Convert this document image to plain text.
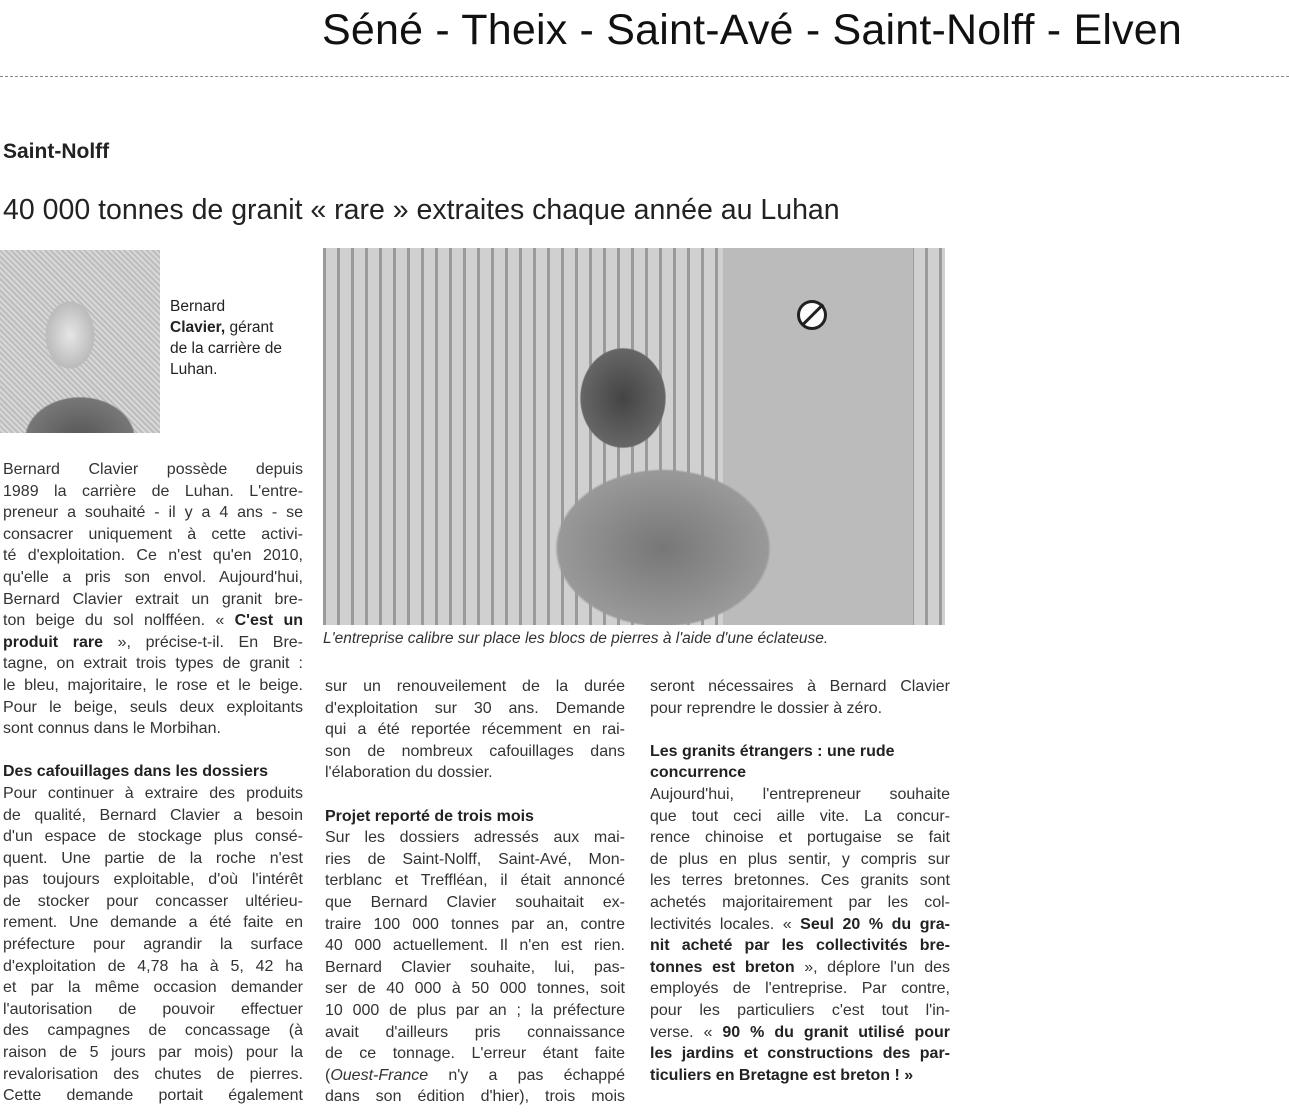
Séné - Theix - Saint-Avé - Saint-Nolff - Elven
Saint-Nolff
40 000 tonnes de granit « rare » extraites chaque année au Luhan
Bernard
Clavier, gérant
de la carrière de
Luhan.
L'entreprise calibre sur place les blocs de pierres à l'aide d'une éclateuse.
Bernard Clavier possède depuis
1989 la carrière de Luhan. L'entre-
preneur a souhaité - il y a 4 ans - se
consacrer uniquement à cette activi-
té d'exploitation. Ce n'est qu'en 2010,
qu'elle a pris son envol. Aujourd'hui,
Bernard Clavier extrait un granit bre-
ton beige du sol nolfféen. « C'est un
produit rare », précise-t-il. En Bre-
tagne, on extrait trois types de granit :
le bleu, majoritaire, le rose et le beige.
Pour le beige, seuls deux exploitants
sont connus dans le Morbihan.
Des cafouillages dans les dossiers
Pour continuer à extraire des produits
de qualité, Bernard Clavier a besoin
d'un espace de stockage plus consé-
quent. Une partie de la roche n'est
pas toujours exploitable, d'où l'intérêt
de stocker pour concasser ultérieu-
rement. Une demande a été faite en
préfecture pour agrandir la surface
d'exploitation de 4,78 ha à 5, 42 ha
et par la même occasion demander
l'autorisation de pouvoir effectuer
des campagnes de concassage (à
raison de 5 jours par mois) pour la
revalorisation des chutes de pierres.
Cette demande portait également
sur un renouveilement de la durée
d'exploitation sur 30 ans. Demande
qui a été reportée récemment en rai-
son de nombreux cafouillages dans
l'élaboration du dossier.
Projet reporté de trois mois
Sur les dossiers adressés aux mai-
ries de Saint-Nolff, Saint-Avé, Mon-
terblanc et Treffléan, il était annoncé
que Bernard Clavier souhaitait ex-
traire 100 000 tonnes par an, contre
40 000 actuellement. Il n'en est rien.
Bernard Clavier souhaite, lui, pas-
ser de 40 000 à 50 000 tonnes, soit
10 000 de plus par an ; la préfecture
avait d'ailleurs pris connaissance
de ce tonnage. L'erreur étant faite
(Ouest-France n'y a pas échappé
dans son édition d'hier), trois mois
seront nécessaires à Bernard Clavier
pour reprendre le dossier à zéro.
Les granits étrangers : une rude
concurrence
Aujourd'hui, l'entrepreneur souhaite
que tout ceci aille vite. La concur-
rence chinoise et portugaise se fait
de plus en plus sentir, y compris sur
les terres bretonnes. Ces granits sont
achetés majoritairement par les col-
lectivités locales. « Seul 20 % du gra-
nit acheté par les collectivités bre-
tonnes est breton », déplore l'un des
employés de l'entreprise. Par contre,
pour les particuliers c'est tout l'in-
verse. « 90 % du granit utilisé pour
les jardins et constructions des par-
ticuliers en Bretagne est breton ! »
